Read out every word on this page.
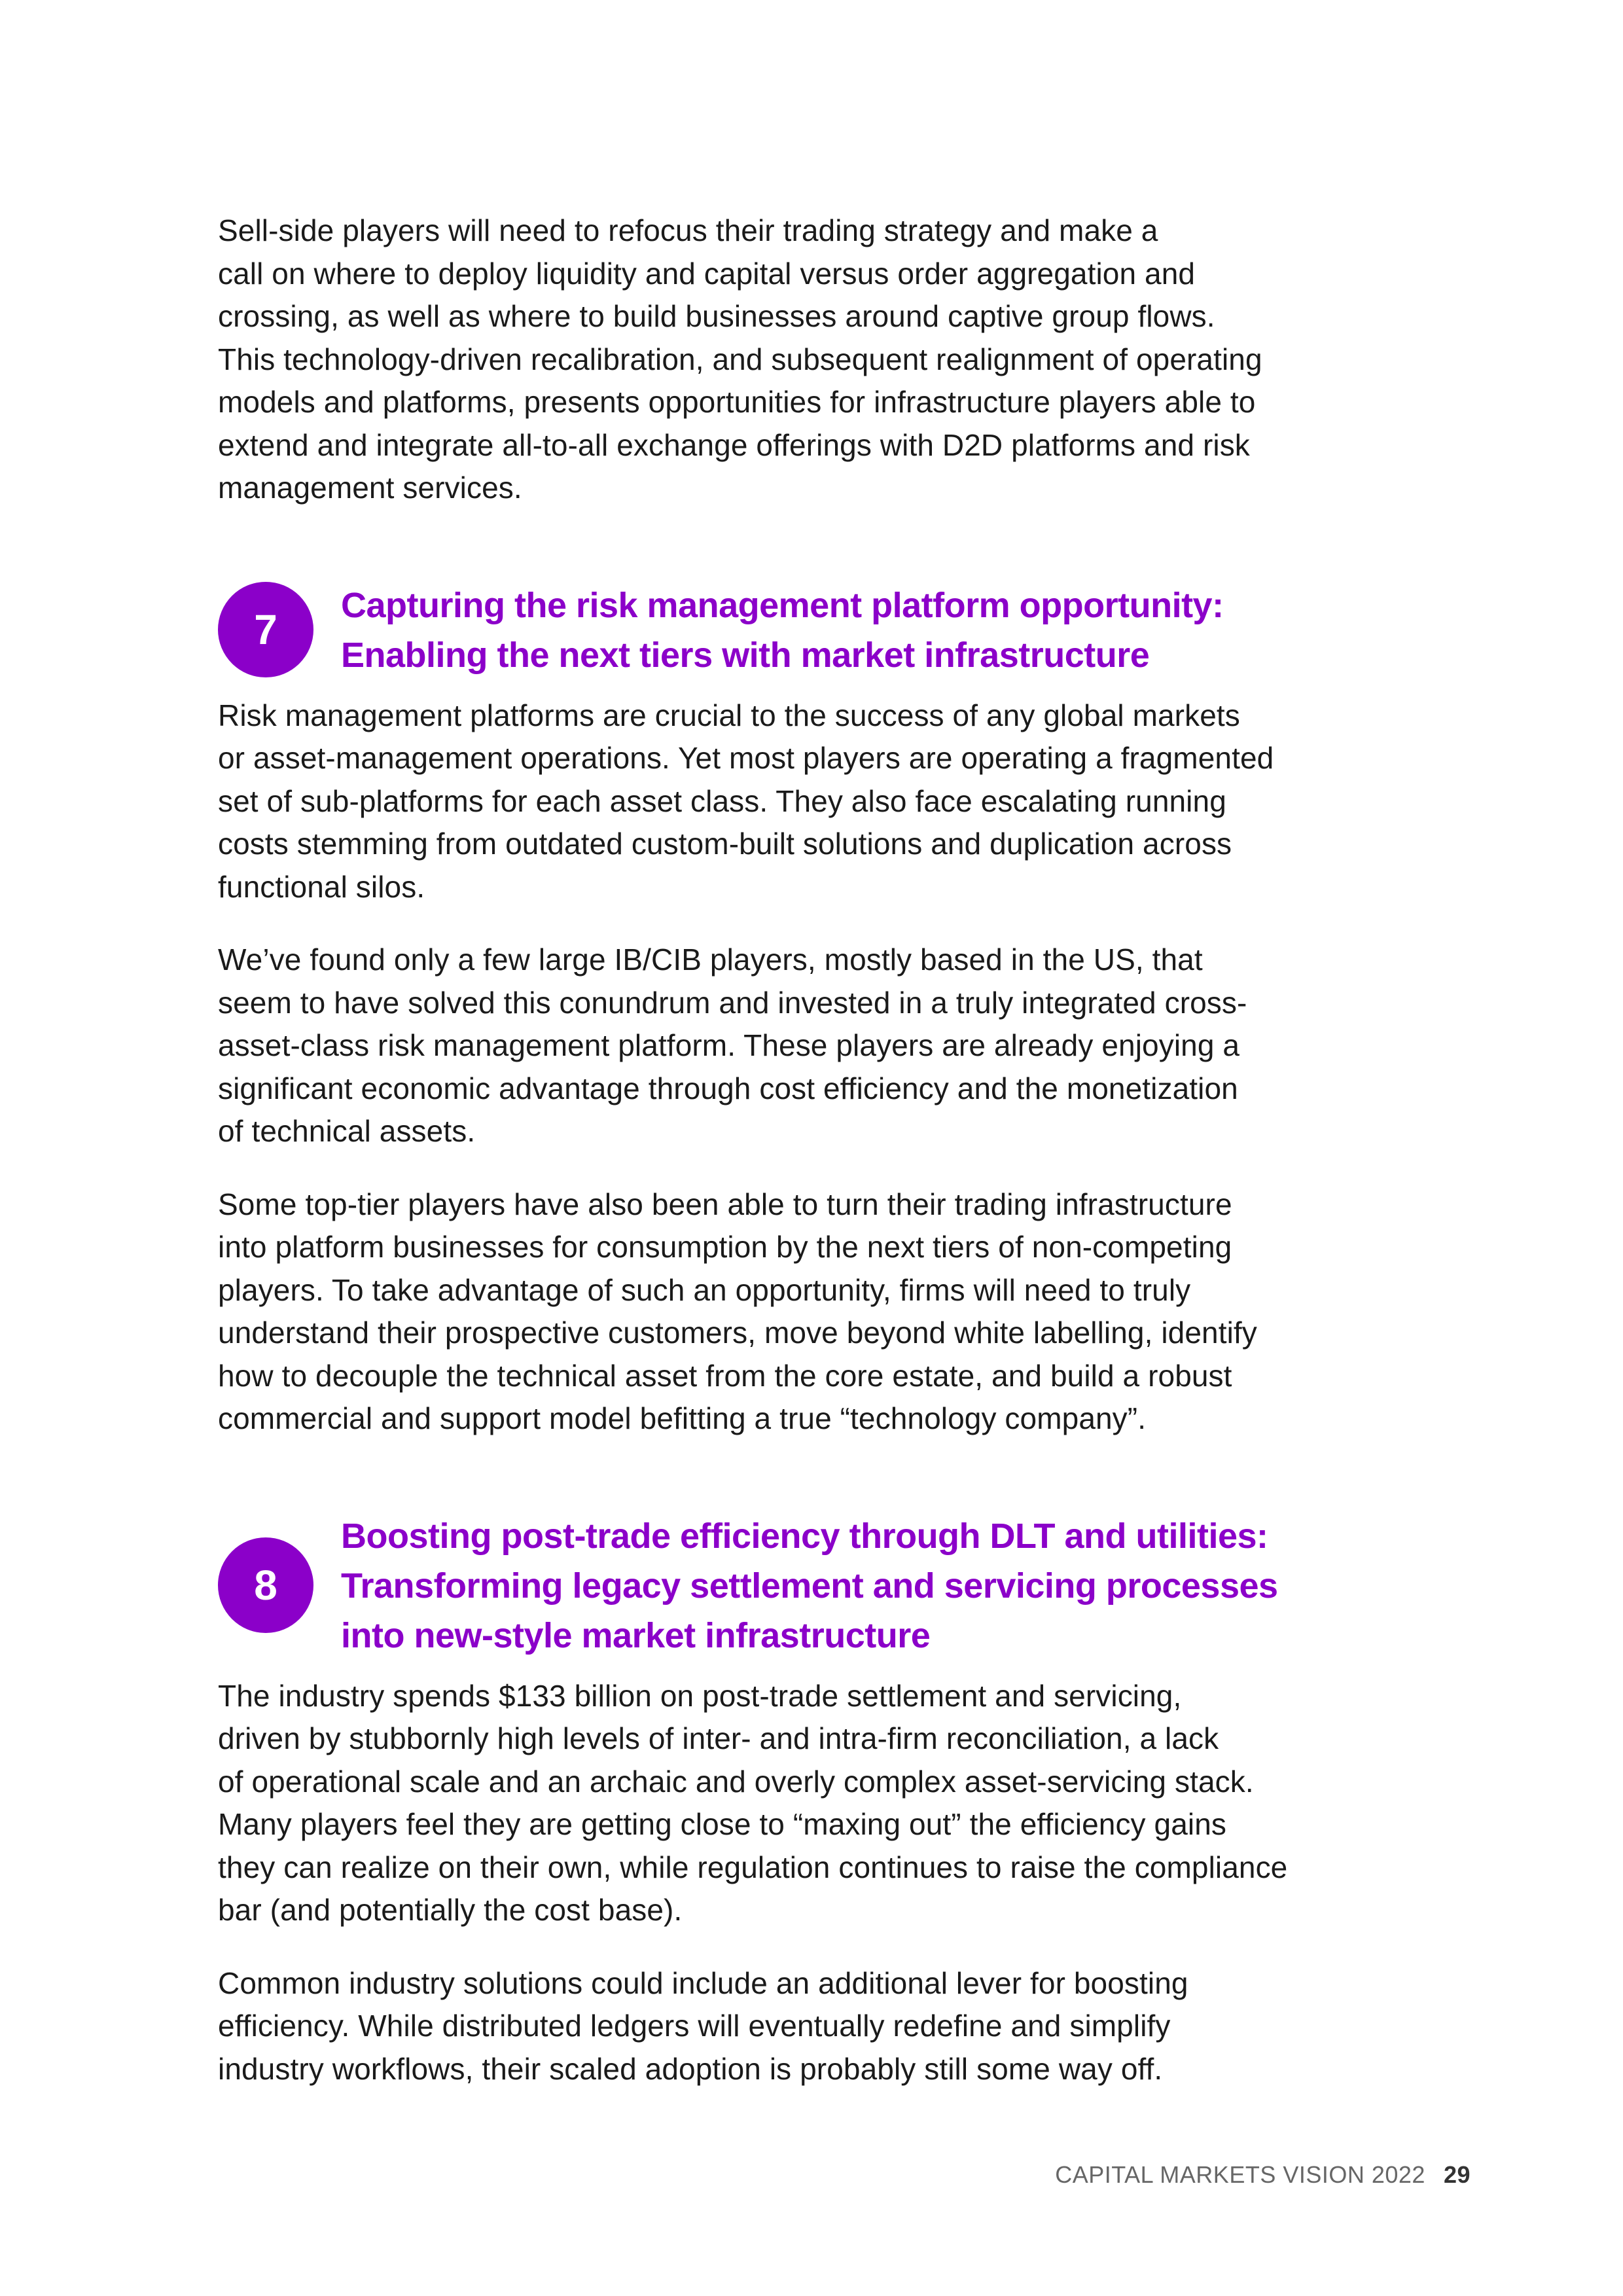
Sell-side players will need to refocus their trading strategy and make a
call on where to deploy liquidity and capital versus order aggregation and
crossing, as well as where to build businesses around captive group flows.
This technology-driven recalibration, and subsequent realignment of operating
models and platforms, presents opportunities for infrastructure players able to
extend and integrate all-to-all exchange offerings with D2D platforms and risk
management services.

7
Capturing the risk management platform opportunity:
Enabling the next tiers with market infrastructure

Risk management platforms are crucial to the success of any global markets
or asset-management operations. Yet most players are operating a fragmented
set of sub-platforms for each asset class. They also face escalating running
costs stemming from outdated custom-built solutions and duplication across
functional silos.

We’ve found only a few large IB/CIB players, mostly based in the US, that
seem to have solved this conundrum and invested in a truly integrated cross-
asset-class risk management platform. These players are already enjoying a
significant economic advantage through cost efficiency and the monetization
of technical assets.

Some top-tier players have also been able to turn their trading infrastructure
into platform businesses for consumption by the next tiers of non-competing
players. To take advantage of such an opportunity, firms will need to truly
understand their prospective customers, move beyond white labelling, identify
how to decouple the technical asset from the core estate, and build a robust
commercial and support model befitting a true “technology company”.

8
Boosting post-trade efficiency through DLT and utilities:
Transforming legacy settlement and servicing processes
into new-style market infrastructure

The industry spends $133 billion on post-trade settlement and servicing,
driven by stubbornly high levels of inter- and intra-firm reconciliation, a lack
of operational scale and an archaic and overly complex asset-servicing stack.
Many players feel they are getting close to “maxing out” the efficiency gains
they can realize on their own, while regulation continues to raise the compliance
bar (and potentially the cost base).

Common industry solutions could include an additional lever for boosting
efficiency. While distributed ledgers will eventually redefine and simplify
industry workflows, their scaled adoption is probably still some way off.

CAPITAL MARKETS VISION 2022 29
